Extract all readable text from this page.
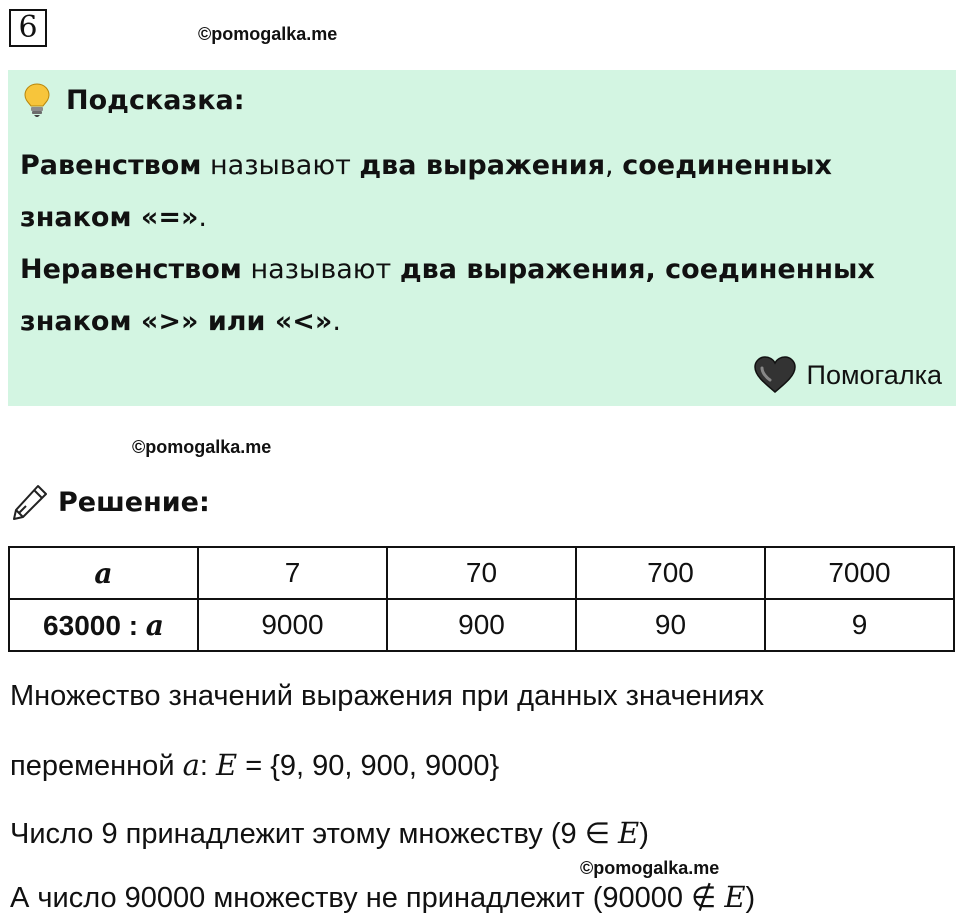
6	©pomogalka.me
Подсказка:
Равенством называют два выражения, соединенных
знаком «=».
Неравенством называют два выражения, соединенных
знаком «>» или «<».
Помогалка
©pomogalka.me
Решение:
a	7	70	700	7000
63000 : a	9000	900	90	9
Множество значений выражения при данных значениях
переменной a: E = {9, 90, 900, 9000}
Число 9 принадлежит этому множеству (9 ∈ E)
©pomogalka.me
А число 90000 множеству не принадлежит (90000 ∉ E)
